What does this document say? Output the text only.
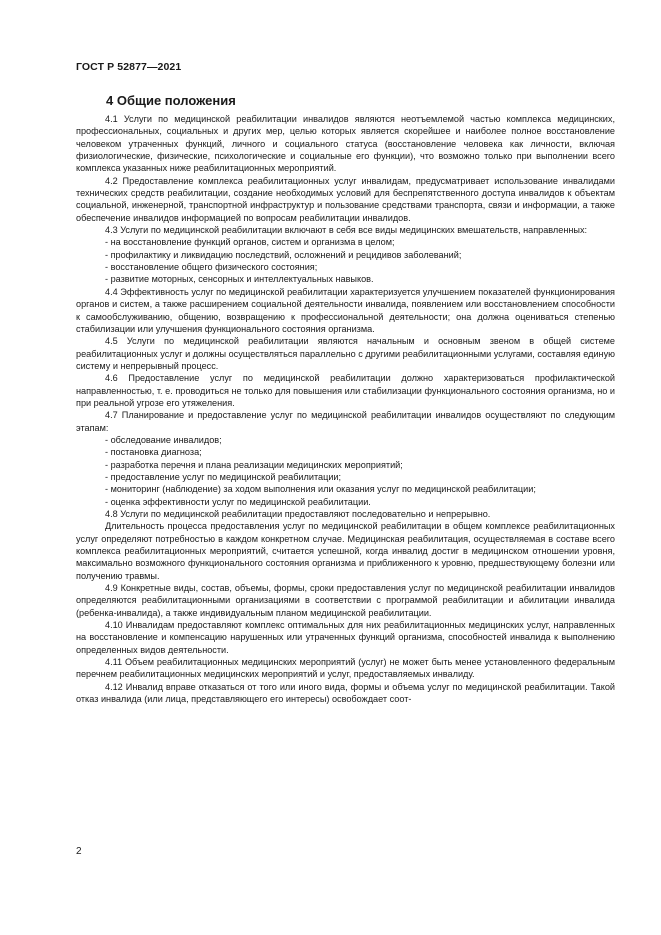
ГОСТ Р 52877—2021
4 Общие положения

4.1 Услуги по медицинской реабилитации инвалидов являются неотъемлемой частью комплекса медицинских, профессиональных, социальных и других мер, целью которых является скорейшее и наиболее полное восстановление человеком утраченных функций, личного и социального статуса (восстановление человека как личности, включая физиологические, физические, психологические и социальные его функции), что возможно только при выполнении всего комплекса указанных ниже реабилитационных мероприятий.

4.2 Предоставление комплекса реабилитационных услуг инвалидам, предусматривает использование инвалидами технических средств реабилитации, создание необходимых условий для беспрепятственного доступа инвалидов к объектам социальной, инженерной, транспортной инфраструктур и пользование средствами транспорта, связи и информации, а также обеспечение инвалидов информацией по вопросам реабилитации инвалидов.

4.3 Услуги по медицинской реабилитации включают в себя все виды медицинских вмешательств, направленных:

- на восстановление функций органов, систем и организма в целом;

- профилактику и ликвидацию последствий, осложнений и рецидивов заболеваний;

- восстановление общего физического состояния;

- развитие моторных, сенсорных и интеллектуальных навыков.

4.4 Эффективность услуг по медицинской реабилитации характеризуется улучшением показателей функционирования органов и систем, а также расширением социальной деятельности инвалида, появлением или восстановлением способности к самообслуживанию, общению, возвращению к профессиональной деятельности; она должна оцениваться степенью стабилизации или улучшения функционального состояния организма.

4.5 Услуги по медицинской реабилитации являются начальным и основным звеном в общей системе реабилитационных услуг и должны осуществляться параллельно с другими реабилитационными услугами, составляя единую систему и непрерывный процесс.

4.6 Предоставление услуг по медицинской реабилитации должно характеризоваться профилактической направленностью, т. е. проводиться не только для повышения или стабилизации функционального состояния организма, но и при реальной угрозе его утяжеления.

4.7 Планирование и предоставление услуг по медицинской реабилитации инвалидов осуществляют по следующим этапам:

- обследование инвалидов;

- постановка диагноза;

- разработка перечня и плана реализации медицинских мероприятий;

- предоставление услуг по медицинской реабилитации;

- мониторинг (наблюдение) за ходом выполнения или оказания услуг по медицинской реабилитации;

- оценка эффективности услуг по медицинской реабилитации.

4.8 Услуги по медицинской реабилитации предоставляют последовательно и непрерывно.

Длительность процесса предоставления услуг по медицинской реабилитации в общем комплексе реабилитационных услуг определяют потребностью в каждом конкретном случае. Медицинская реабилитация, осуществляемая в составе всего комплекса реабилитационных мероприятий, считается успешной, когда инвалид достиг в медицинском отношении уровня, максимально возможного функционального состояния организма и приближенного к уровню, предшествующему болезни или получению травмы.

4.9 Конкретные виды, состав, объемы, формы, сроки предоставления услуг по медицинской реабилитации инвалидов определяются реабилитационными организациями в соответствии с программой реабилитации и абилитации инвалида (ребенка-инвалида), а также индивидуальным планом медицинской реабилитации.

4.10 Инвалидам предоставляют комплекс оптимальных для них реабилитационных медицинских услуг, направленных на восстановление и компенсацию нарушенных или утраченных функций организма, способностей инвалида к выполнению определенных видов деятельности.

4.11 Объем реабилитационных медицинских мероприятий (услуг) не может быть менее установленного федеральным перечнем реабилитационных медицинских мероприятий и услуг, предоставляемых инвалиду.

4.12 Инвалид вправе отказаться от того или иного вида, формы и объема услуг по медицинской реабилитации. Такой отказ инвалида (или лица, представляющего его интересы) освобождает соот-

2
